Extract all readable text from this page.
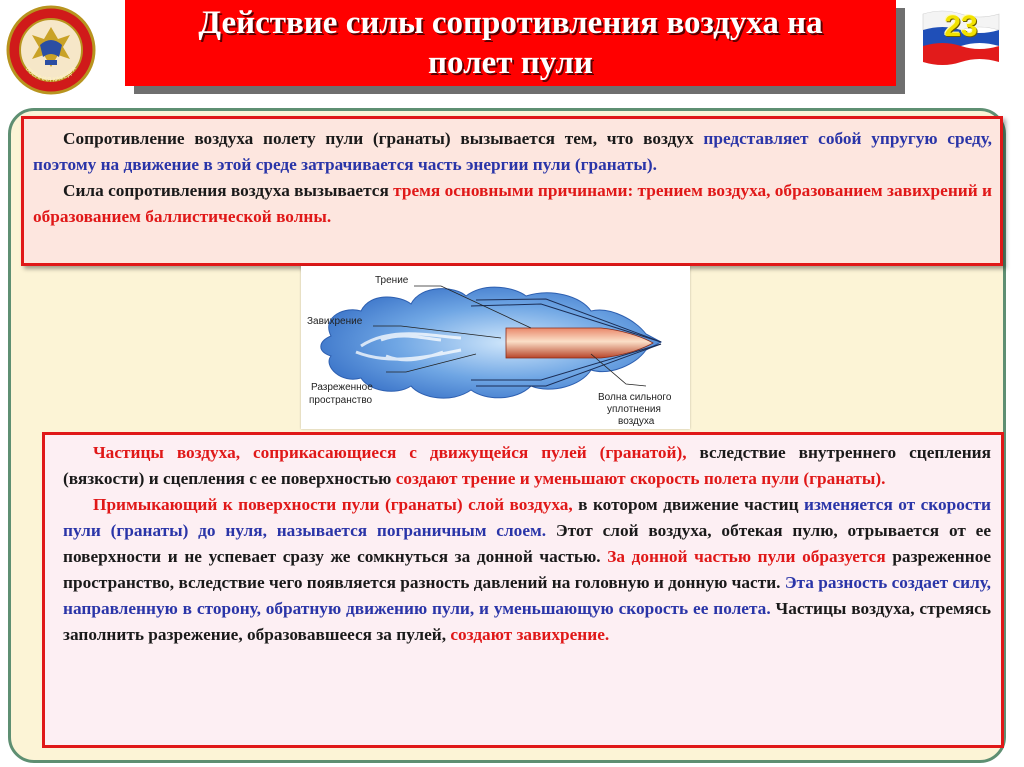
ВОЕННАЯ КАФЕДРА
Действие силы сопротивления воздуха на
полет пули
23

Сопротивление воздуха полету пули (гранаты) вызывается тем, что воздух представляет собой упругую среду, поэтому на движение в этой среде затрачивается часть энергии пули (гранаты).

Сила сопротивления воздуха вызывается тремя основными причинами: трением воздуха, образованием завихрений и образованием баллистической волны.

Трение
Завихрение
Разреженное
пространство	Волна сильного
уплотнения
воздуха

Частицы воздуха, соприкасающиеся с движущейся пулей (гранатой), вследствие внутреннего сцепления (вязкости) и сцепления с ее поверхностью создают трение и уменьшают скорость полета пули (гранаты).

Примыкающий к поверхности пули (гранаты) слой воздуха, в котором движение частиц изменяется от скорости пули (гранаты) до нуля, называется пограничным слоем. Этот слой воздуха, обтекая пулю, отрывается от ее поверхности и не успевает сразу же сомкнуться за донной частью. За донной частью пули образуется разреженное пространство, вследствие чего появляется разность давлений на головную и донную части. Эта разность создает силу, направленную в сторону, обратную движению пули, и уменьшающую скорость ее полета. Частицы воздуха, стремясь заполнить разрежение, образовавшееся за пулей, создают завихрение.
